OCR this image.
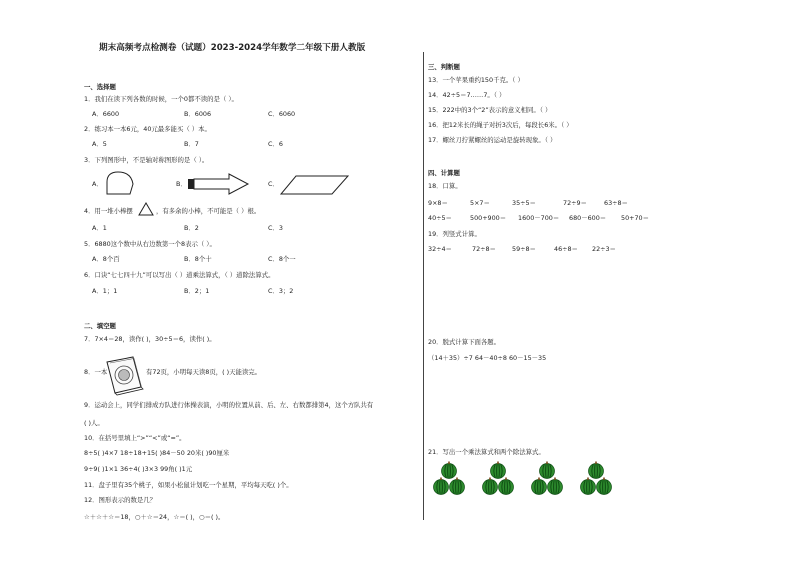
期末高频考点检测卷（试题）2023-2024学年数学二年级下册人教版
一、选择题
1．我们在读下列各数的时候，一个0都不读的是（ ）。
A．6600	B．6006	C．6060
2．练习本一本6元，40元最多能买（ ）本。
A．5	B．7	C．6
3．下列图形中，不是轴对称图形的是（ ）。
A．	B．	C．
4．用一堆小棒摆	，有多余的小棒，不可能是（ ）根。
A．1	B．2	C．3
5．6880这个数中从右边数第一个8表示（ ）。
A．8个百	B．8个十	C．8个一
6．口诀“七七四十九”可以写出（ ）道乘法算式，（ ）道除法算式。
A．1；1	B．2；1	C．3；2
二、填空题
7．7×4＝28，读作( )，30÷5＝6，读作( )。
8．一本	有72页，小明每天读8页，( )天能读完。
9．运动会上，同学们排成方队进行体操表演，小明的位置从前、后、左、右数都排第4，这个方队共有
( )人。
10．在括号里填上“>”“<”或“=”。
8÷5( )4×7 18÷18+15( )84－50 20米( )90厘米
9÷9( )1×1 36÷4( )3×3 99角( )1元
11．盘子里有35个桃子，如果小松鼠计划吃一个星期，平均每天吃( )个。
12．图形表示的数是几？
☆＋☆＋☆＝18，○＋☆＝24，☆＝( )，○＝( )。
三、判断题
13．一个苹果重约150千克。（ ）
14．42÷5＝7……7。（ ）
15．222中的3个“2”表示的意义相同。（ ）
16．把12米长的绳子对折3次后，每段长6米。（ ）
17．螺丝刀拧紧螺丝的运动是旋转现象。（ ）
四、计算题
18．口算。
9×8＝	5×7＝	35÷5＝	72÷9＝	63÷8＝
40÷5＝	500+900＝ 1600－700＝ 680－600＝ 50+70＝
19．列竖式计算。
32÷4＝	72÷8＝	59÷8＝	46÷8＝ 22÷3＝
20．脱式计算下面各题。
（14＋35）÷7 64－40÷8 60－15－35
21．写出一个乘法算式和两个除法算式。
